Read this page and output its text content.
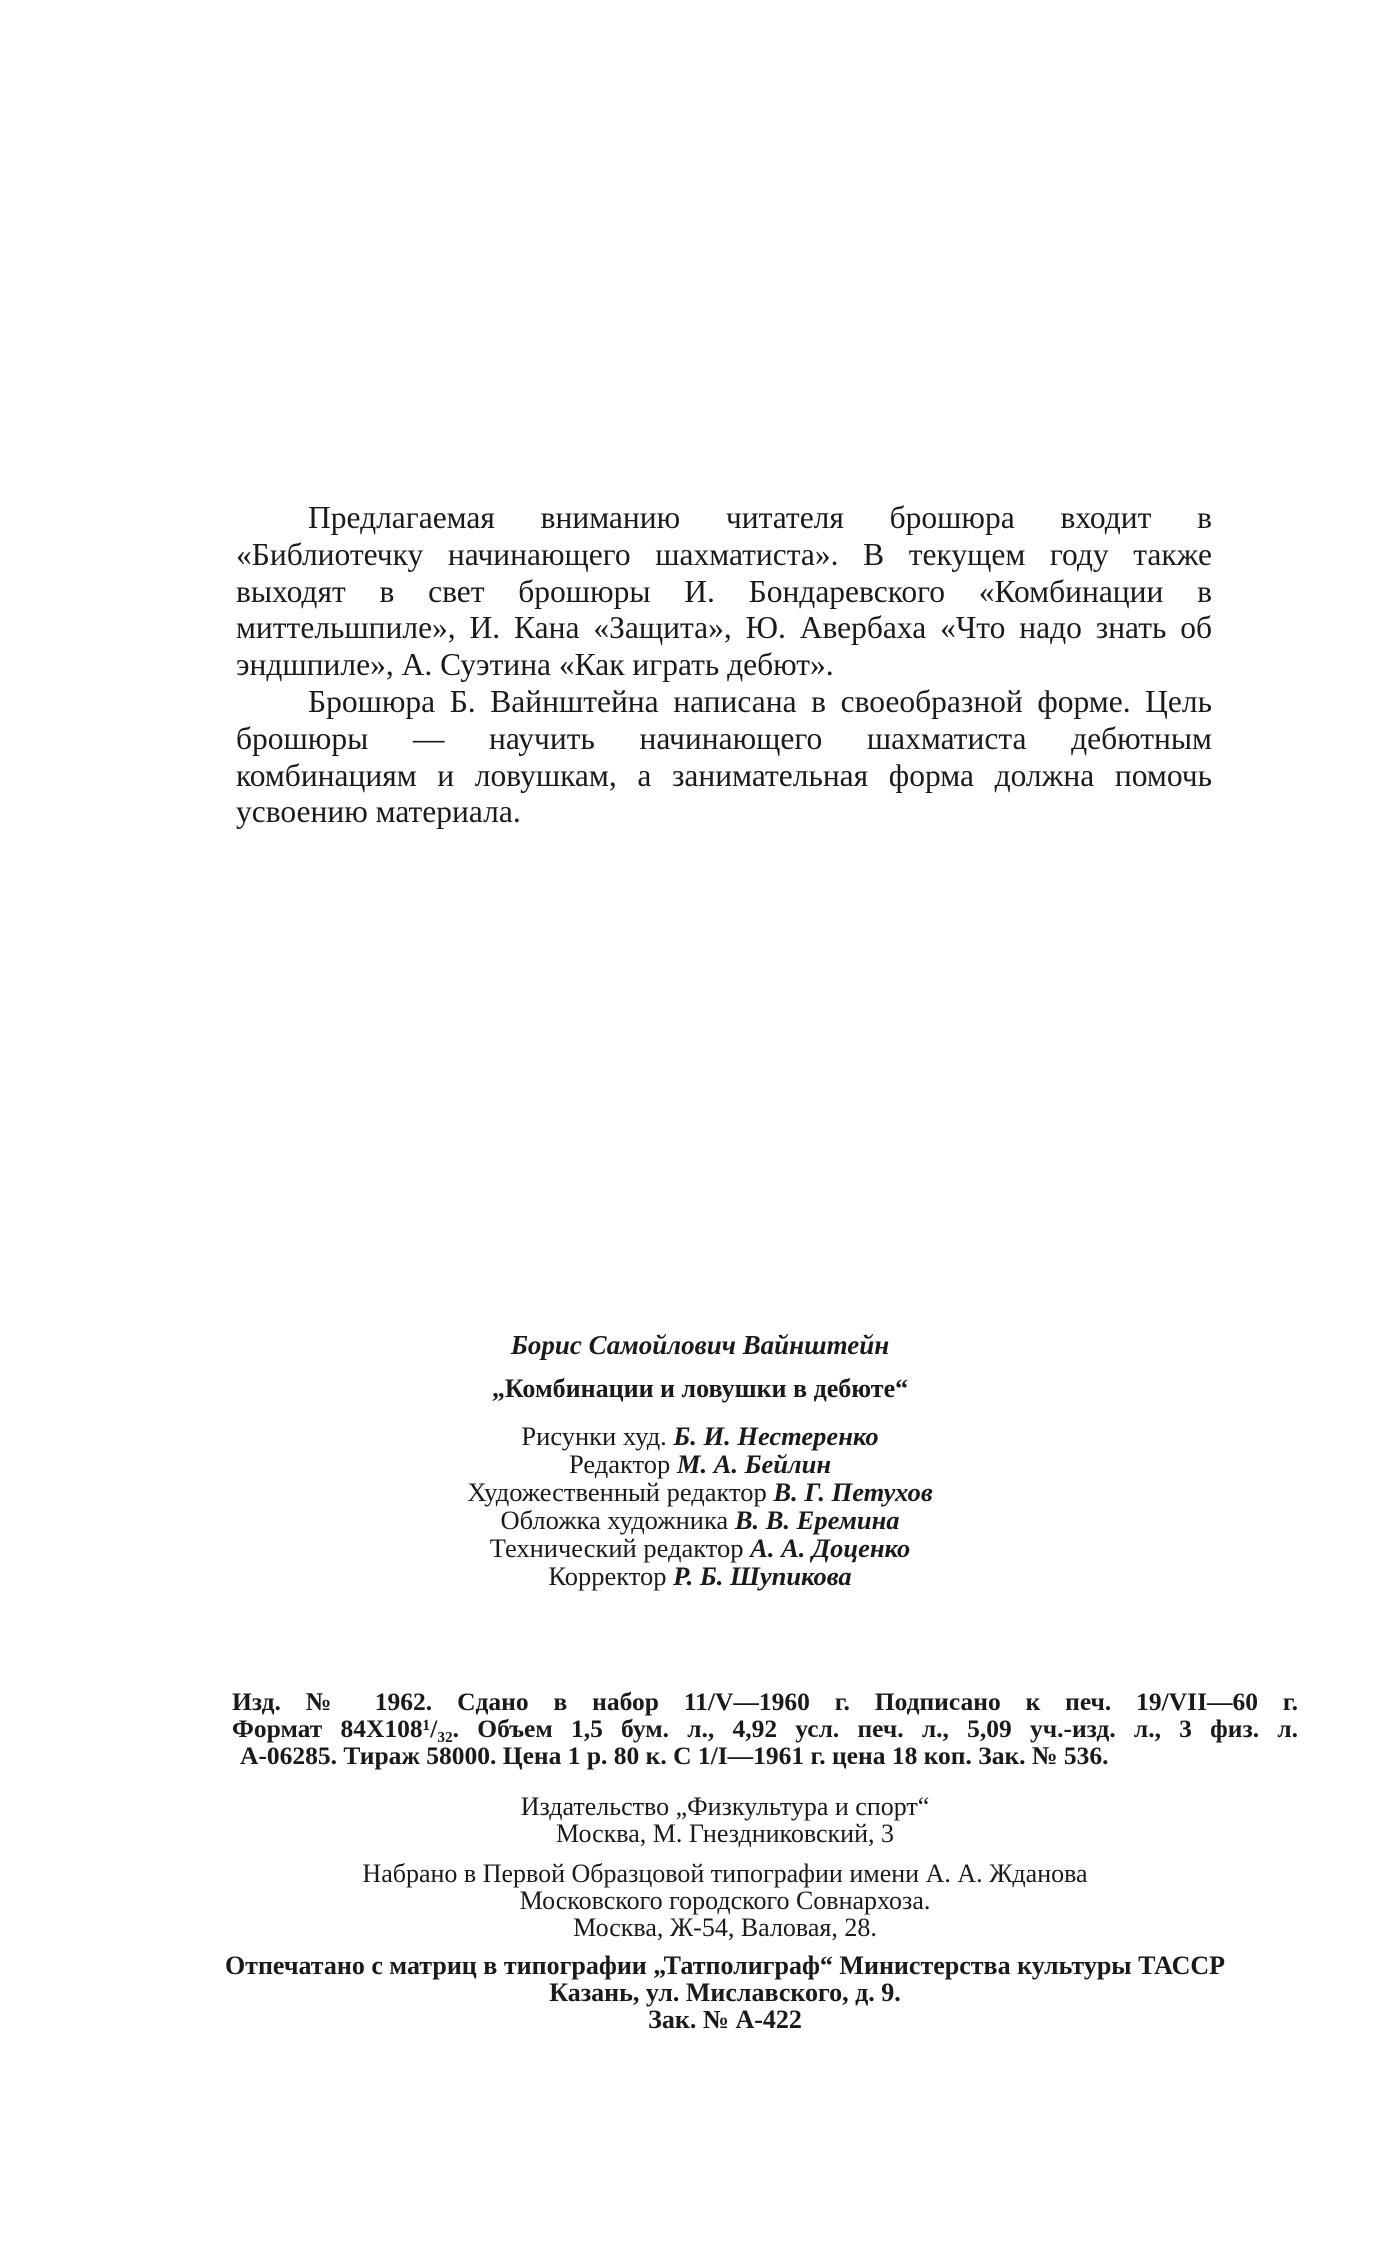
Предлагаемая вниманию читателя брошюра входит в «Библиотечку начинающего шахматиста». В текущем году также выходят в свет брошюры И. Бондаревского «Комбинации в миттельшпиле», И. Кана «Защита», Ю. Авербаха «Что надо знать об эндшпиле», А. Суэтина «Как играть дебют».

Брошюра Б. Вайнштейна написана в своеобразной форме. Цель брошюры — научить начинающего шахматиста дебютным комбинациям и ловушкам, а занимательная форма должна помочь усвоению материала.

Борис Самойлович Вайнштейн
„Комбинации и ловушки в дебюте“
Рисунки худ. Б. И. Нестеренко
Редактор М. А. Бейлин
Художественный редактор В. Г. Петухов
Обложка художника В. В. Еремина
Технический редактор А. А. Доценко
Корректор Р. Б. Шупикова
Изд. № 1962. Сдано в набор 11/V—1960 г. Подписано к печ. 19/VII—60 г.
Формат 84X108¹/₃₂. Объем 1,5 бум. л., 4,92 усл. печ. л., 5,09 уч.-изд. л., 3 физ. л.
А-06285. Тираж 58000. Цена 1 р. 80 к. С 1/I—1961 г. цена 18 коп. Зак. № 536.
Издательство „Физкультура и спорт“
Москва, М. Гнездниковский, 3
Набрано в Первой Образцовой типографии имени А. А. Жданова
Московского городского Совнархоза.
Москва, Ж-54, Валовая, 28.
Отпечатано с матриц в типографии „Татполиграф“ Министерства культуры ТАССР
Казань, ул. Миславского, д. 9.
Зак. № А-422
